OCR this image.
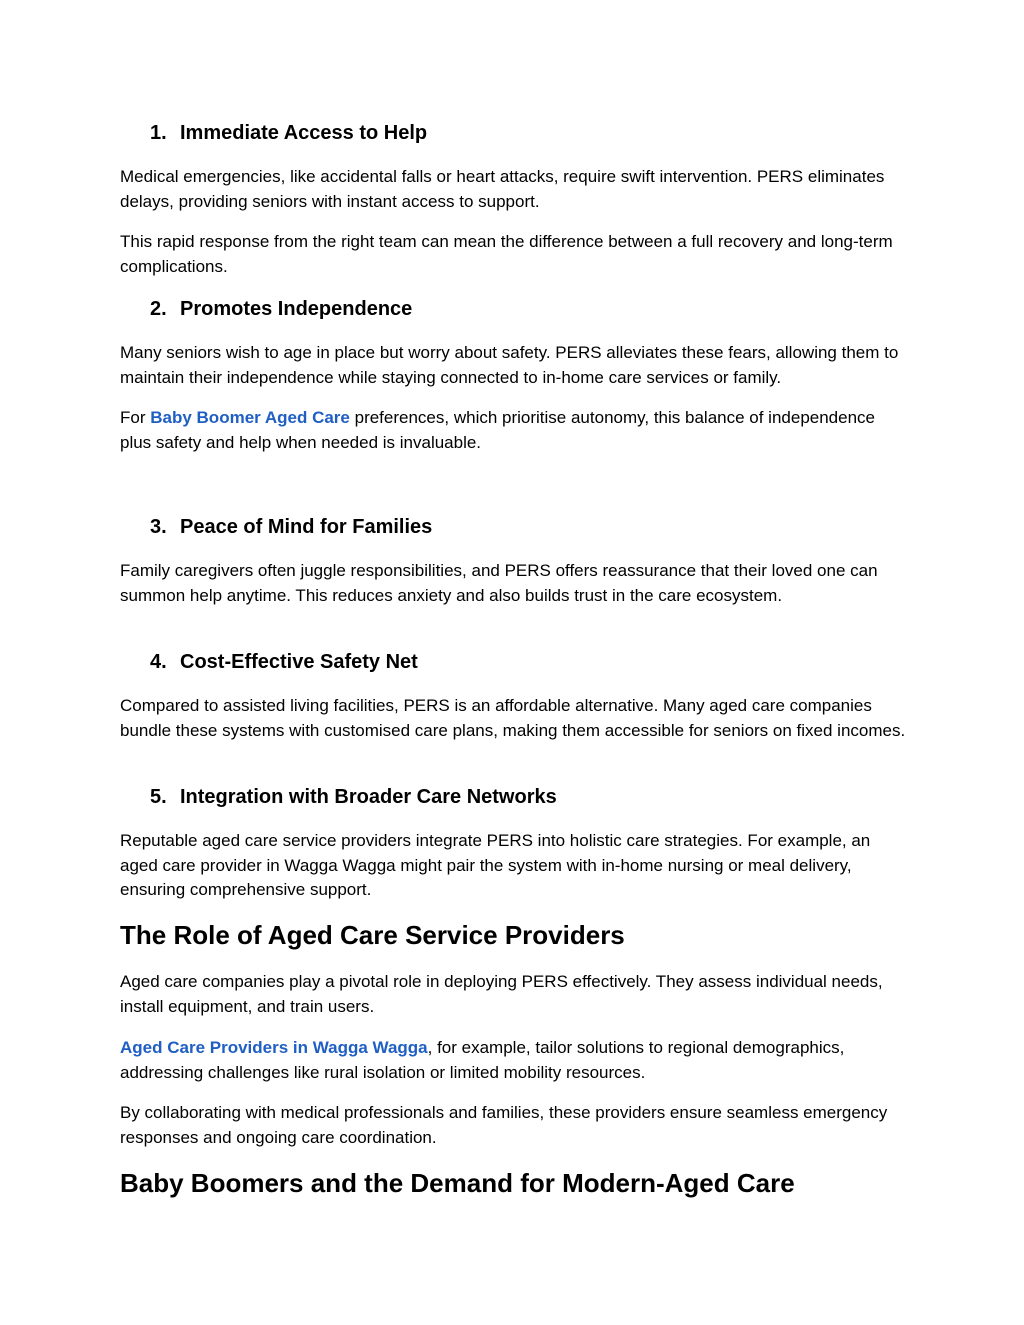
1. Immediate Access to Help

Medical emergencies, like accidental falls or heart attacks, require swift intervention. PERS eliminates delays, providing seniors with instant access to support.

This rapid response from the right team can mean the difference between a full recovery and long-term complications.

2. Promotes Independence

Many seniors wish to age in place but worry about safety. PERS alleviates these fears, allowing them to maintain their independence while staying connected to in-home care services or family.

For Baby Boomer Aged Care preferences, which prioritise autonomy, this balance of independence plus safety and help when needed is invaluable.

3. Peace of Mind for Families

Family caregivers often juggle responsibilities, and PERS offers reassurance that their loved one can summon help anytime. This reduces anxiety and also builds trust in the care ecosystem.

4. Cost-Effective Safety Net

Compared to assisted living facilities, PERS is an affordable alternative. Many aged care companies bundle these systems with customised care plans, making them accessible for seniors on fixed incomes.

5. Integration with Broader Care Networks

Reputable aged care service providers integrate PERS into holistic care strategies. For example, an aged care provider in Wagga Wagga might pair the system with in-home nursing or meal delivery, ensuring comprehensive support.

The Role of Aged Care Service Providers

Aged care companies play a pivotal role in deploying PERS effectively. They assess individual needs, install equipment, and train users.

Aged Care Providers in Wagga Wagga, for example, tailor solutions to regional demographics, addressing challenges like rural isolation or limited mobility resources.

By collaborating with medical professionals and families, these providers ensure seamless emergency responses and ongoing care coordination.

Baby Boomers and the Demand for Modern-Aged Care
